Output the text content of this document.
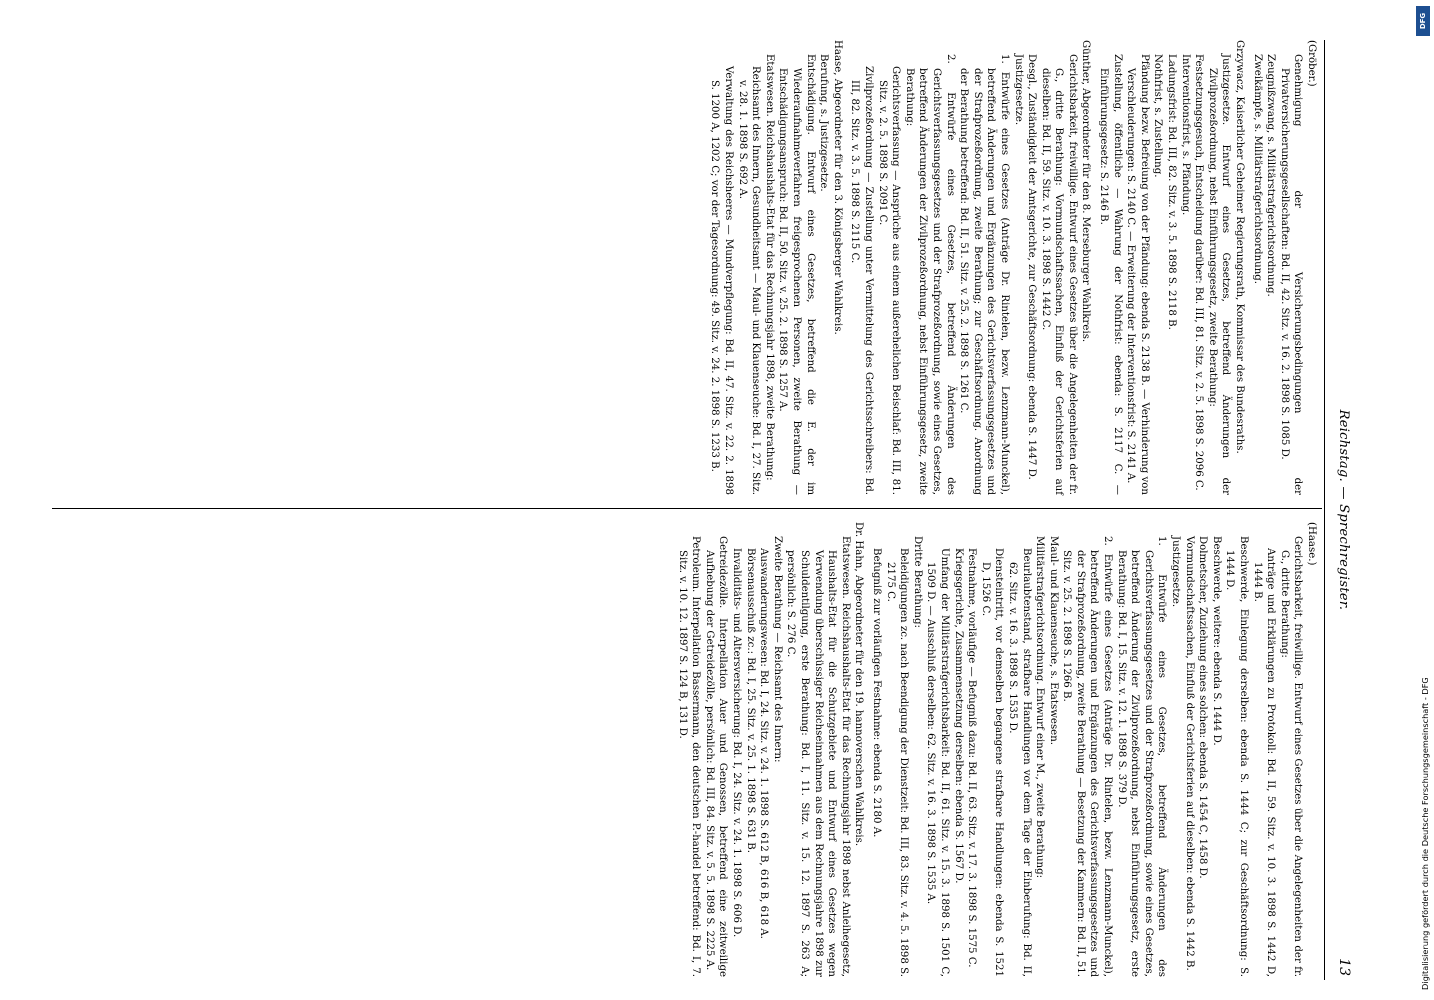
Reichstag. — Sprechregister.
13
(Gröber.)
Genehmigung der Versicherungsbedingungen der Privatversicherungsgesellschaften: Bd. II, 42. Sitz. v. 16. 2. 1898 S. 1085 D.
Zeugnißzwang, s. Militärstrafgerichtsordnung.
Zweikämpfe, s. Militärstrafgerichtsordnung.
Grzywacz, Kaiserlicher Geheimer Regierungsrath, Kommissar des Bundesraths.
Justizgesetze. Entwurf eines Gesetzes, betreffend Änderungen der Zivilprozeßordnung, nebst Einführungsgesetz, zweite Berathung:
Festsetzungsgesuch, Entscheidung darüber: Bd. III, 81. Sitz. v. 2. 5. 1898 S. 2096 C.
Interventionsfrist, s. Pfändung.
Ladungsfrist: Bd. III, 82. Sitz. v. 3. 5. 1898 S. 2118 B.
Nothfrist, s. Zustellung.
Pfändung bezw. Befreiung von der Pfändung: ebenda S. 2138 B. — Verhinderung von Verschleuderungen: S. 2140 C. — Erweiterung der Interventionsfrist: S. 2141 A.
Zustellung, öffentliche — Wahrung der Nothfrist: ebenda: S. 2117 C. — Einführungsgesetz: S. 2146 B.
Günther, Abgeordneter für den 8. Merseburger Wahlkreis.
Gerichtsbarkeit, freiwillige. Entwurf eines Gesetzes über die Angelegenheiten der fr. G., dritte Berathung: Vormundschaftssachen, Einfluß der Gerichtsferien auf dieselben: Bd. II, 59. Sitz. v. 10. 3. 1898 S. 1442 C.
Desgl., Zuständigkeit der Amtsgerichte, zur Geschäftsordnung: ebenda S. 1447 D.
Justizgesetze.
1. Entwürfe eines Gesetzes (Anträge Dr. Rintelen, bezw. Lenzmann-Munckel), betreffend Änderungen und Ergänzungen des Gerichtsverfassungsgesetzes und der Strafprozeßordnung, zweite Berathung; zur Geschäftsordnung. Anordnung der Berathung betreffend: Bd. II, 51. Sitz. v. 25. 2. 1898 S. 1261 C.
2. Entwürfe eines Gesetzes, betreffend Änderungen des Gerichtsverfassungsgesetzes und der Strafprozeßordnung, sowie eines Gesetzes, betreffend Änderungen der Zivilprozeßordnung, nebst Einführungsgesetz, zweite Berathung:
Gerichtsverfassung — Ansprüche aus einem außerehelichen Beischlaf: Bd. III, 81. Sitz. v. 2. 5. 1898 S. 2091 C.
Zivilprozeßordnung — Zustellung unter Vermittelung des Gerichtsschreibers: Bd. III, 82. Sitz. v. 3. 5. 1898 S. 2115 C.
Haase, Abgeordneter für den 3. Königsberger Wahlkreis.
Berufung, s. Justizgesetze.
Entschädigung. Entwurf eines Gesetzes, betreffend die E. der im Wiederaufnahmeverfahren freigesprochenen Personen, zweite Berathung — Entschädigungsanspruch: Bd. II, 50. Sitz. v. 25. 2. 1898 S. 1257 A.
Etatswesen. Reichshaushalts-Etat für das Rechnungsjahr 1898, zweite Berathung:
Reichsamt des Innern, Gesundheitsamt — Maul- und Klauenseuche: Bd. I, 27. Sitz. v. 28. 1. 1898 S. 692 A.
Verwaltung des Reichsheeres — Mundverpflegung: Bd. II, 47. Sitz. v. 22. 2. 1898 S. 1200 A, 1202 C; vor der Tagesordnung: 49. Sitz. v. 24. 2. 1898 S. 1233 B.
(Haase.)
Gerichtsbarkeit, freiwillige. Entwurf eines Gesetzes über die Angelegenheiten der fr. G., dritte Berathung:
Anträge und Erklärungen zu Protokoll: Bd. II, 59. Sitz. v. 10. 3. 1898 S. 1442 D, 1444 B.
Beschwerde, Einlegung derselben: ebenda S. 1444 C; zur Geschäftsordnung: S. 1444 D.
Beschwerde, weitere: ebenda S. 1444 D.
Dolmetscher, Zuziehung eines solchen: ebenda S. 1454 C, 1458 D.
Vormundschaftssachen, Einfluß der Gerichtsferien auf dieselben: ebenda S. 1442 B.
Justizgesetze.
1. Entwürfe eines Gesetzes, betreffend Änderungen des Gerichtsverfassungsgesetzes und der Strafprozeßordnung, sowie eines Gesetzes, betreffend Änderung der Zivilprozeßordnung, nebst Einführungsgesetz, erste Berathung: Bd. I, 15. Sitz. v. 12. 1. 1898 S. 379 D.
2. Entwürfe eines Gesetzes (Anträge Dr. Rintelen, bezw. Lenzmann-Munckel), betreffend Änderungen und Ergänzungen des Gerichtsverfassungsgesetzes und der Strafprozeßordnung, zweite Berathung — Besetzung der Kammern: Bd. II, 51. Sitz. v. 25. 2. 1898 S. 1266 B.
Maul- und Klauenseuche, s. Etatswesen.
Militärstrafgerichtsordnung. Entwurf einer M., zweite Berathung:
Beurlaubtenstand, strafbare Handlungen vor dem Tage der Einberufung: Bd. II, 62. Sitz. v. 16. 3. 1898 S. 1535 D.
Diensteintritt, vor demselben begangene strafbare Handlungen: ebenda S. 1521 D, 1526 C.
Festnahme, vorläufige — Befugniß dazu: Bd. II, 63. Sitz. v. 17. 3. 1898 S. 1575 C.
Kriegsgerichte, Zusammensetzung derselben: ebenda S. 1567 D.
Umfang der Militärstrafgerichtsbarkeit: Bd. II, 61. Sitz. v. 15. 3. 1898 S. 1501 C, 1509 D. — Ausschluß derselben: 62. Sitz. v. 16. 3. 1898 S. 1535 A.
Dritte Berathung:
Beleidigungen zc. nach Beendigung der Dienstzeit: Bd. III, 83. Sitz. v. 4. 5. 1898 S. 2175 C.
Befugniß zur vorläufigen Festnahme: ebenda S. 2180 A.
Dr. Hahn, Abgeordneter für den 19. hannoverschen Wahlkreis.
Etatswesen. Reichshaushalts-Etat für das Rechnungsjahr 1898 nebst Anleihegesetz, Haushalts-Etat für die Schutzgebiete und Entwurf eines Gesetzes wegen Verwendung überschüssiger Reichseinnahmen aus dem Rechnungsjahre 1898 zur Schuldentilgung, erste Berathung: Bd. I, 11. Sitz. v. 15. 12. 1897 S. 263 A; persönlich: S. 276 C.
Zweite Berathung — Reichsamt des Innern:
Auswanderungswesen: Bd. I, 24. Sitz. v. 24. 1. 1898 S. 612 B, 616 B, 618 A.
Börsenausschuß zc.: Bd. I, 25. Sitz. v. 25. 1. 1898 S. 631 B.
Invaliditäts- und Altersversicherung: Bd. I, 24. Sitz. v. 24. 1. 1898 S. 606 D.
Getreidezölle. Interpellation Auer und Genossen, betreffend eine zeitweilige Aufhebung der Getreidezölle, persönlich: Bd. III, 84. Sitz. v. 5. 5. 1898 S. 2225 A.
Petroleum. Interpellation Bassermann, den deutschen P.-handel betreffend: Bd. I, 7. Sitz. v. 10. 12. 1897 S. 124 B, 131 D.
Digitalisierung gefördert durch die Deutsche Forschungsgemeinschaft - DFG
DFG
